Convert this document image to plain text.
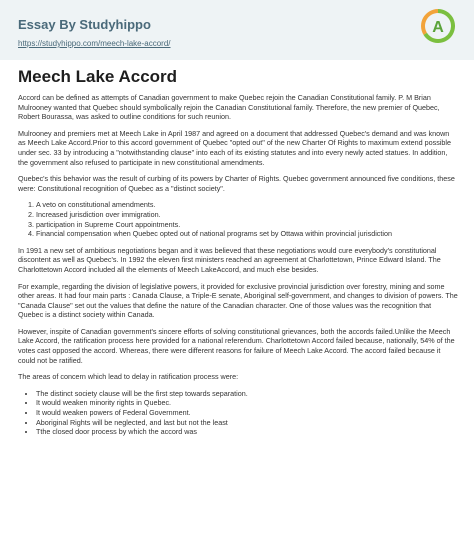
Essay By Studyhippo
https://studyhippo.com/meech-lake-accord/
A
Meech Lake Accord

Accord can be defined as attempts of Canadian government to make Quebec rejoin the Canadian Constitutional family. P. M Brian Mulrooney wanted that Quebec should symbolically rejoin the Canadian Constitutional family. Therefore, the new premier of Quebec, Robert Bourassa, was asked to outline conditions for such reunion.

Mulrooney and premiers met at Meech Lake in April 1987 and agreed on a document that addressed Quebec's demand and was known as Meech Lake Accord.Prior to this accord government of Quebec "opted out" of the new Charter Of Rights to maximum extend possible under sec. 33 by introducing a "notwithstanding clause" into each of its existing statutes and into every newly acted statues. In addition, the government also refused to participate in new constitutional amendments.

Quebec's this behavior was the result of curbing of its powers by Charter of Rights. Quebec government announced five conditions, these were: Constitutional recognition of Quebec as a "distinct society".

1. A veto on constitutional amendments.
2. Increased jurisdiction over immigration.
3. participation in Supreme Court appointments.
4. Financial compensation when Quebec opted out of national programs set by Ottawa within provincial jurisdiction

In 1991 a new set of ambitious negotiations began and it was believed that these negotiations would cure everybody's constitutional discontent as well as Quebec's. In 1992 the eleven first ministers reached an agreement at Charlottetown, Prince Edward Island. The Charlottetown Accord included all the elements of Meech LakeAccord, and much else besides.

For example, regarding the division of legislative powers, it provided for exclusive provincial jurisdiction over forestry, mining and some other areas. It had four main parts : Canada Clause, a Triple-E senate, Aboriginal self-government, and changes to division of powers. The "Canada Clause" set out the values that define the nature of the Canadian character. One of those values was the recognition that Quebec is a distinct society within Canada.

However, inspite of Canadian government's sincere efforts of solving constitutional grievances, both the accords failed.Unlike the Meech Lake Accord, the ratification process here provided for a national referendum. Charlottetown Accord failed because, nationally, 54% of the votes cast opposed the accord. Whereas, there were different reasons for failure of Meech Lake Accord. The accord failed because it could not be ratified.

The areas of concern which lead to delay in ratification process were:

• The distinct society clause will be the first step towards separation.
• It would weaken minority rights in Quebec.
• It would weaken powers of Federal Government.
• Aboriginal Rights will be neglected, and last but not the least
• Tthe closed door process by which the accord was
